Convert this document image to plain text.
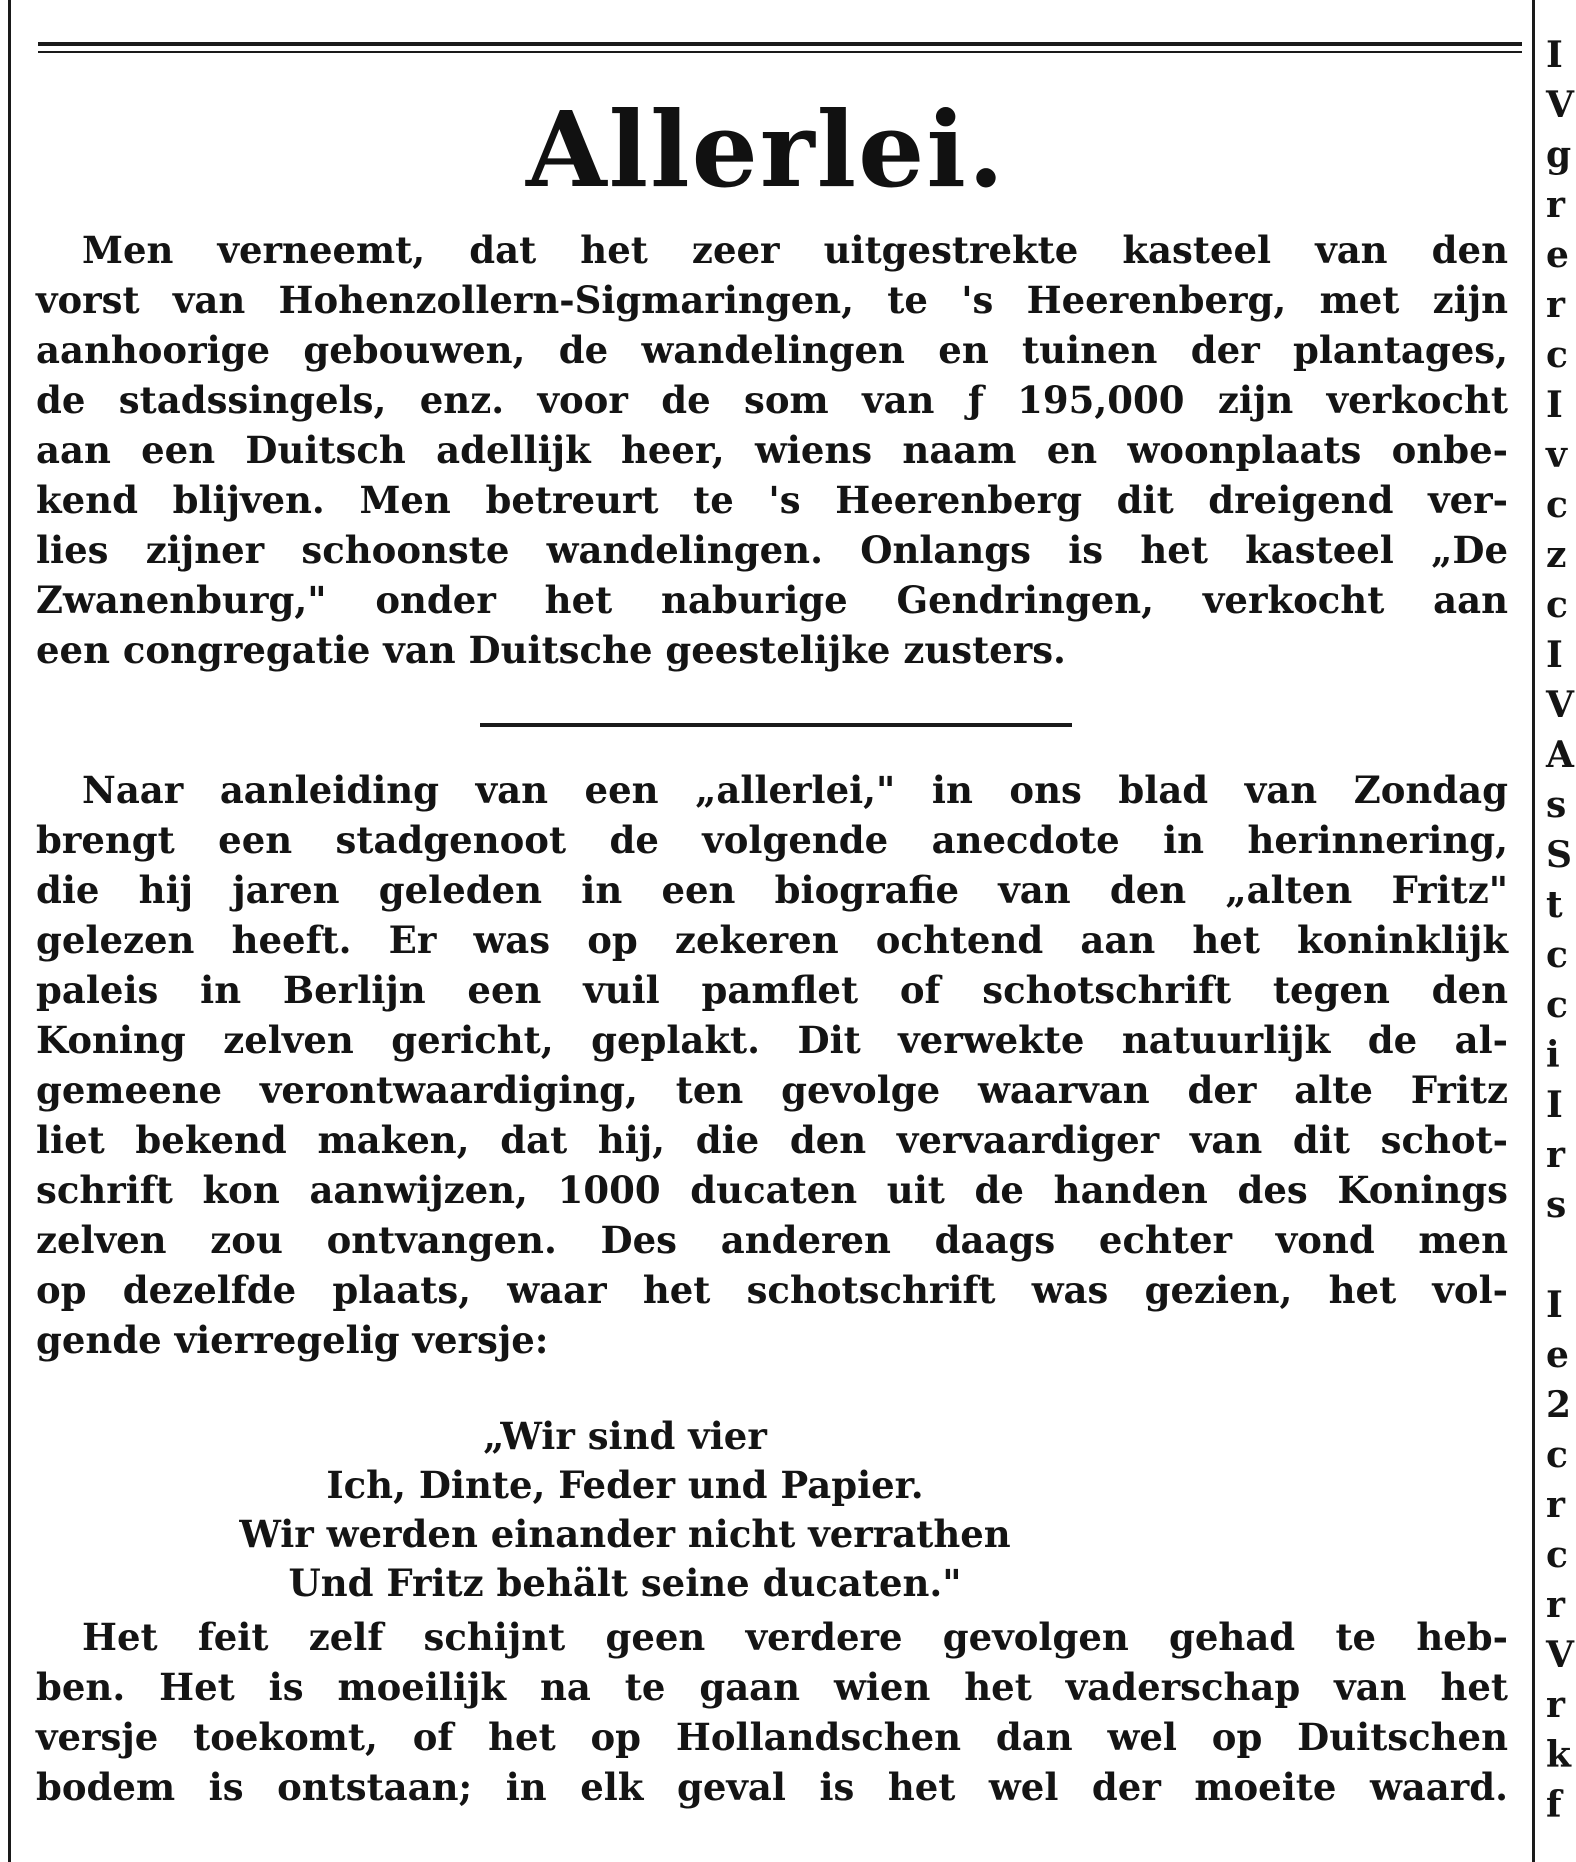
Allerlei.
Men verneemt, dat het zeer uitgestrekte kasteel van den
vorst van Hohenzollern-Sigmaringen, te 's Heerenberg, met zijn
aanhoorige gebouwen, de wandelingen en tuinen der plantages,
de stadssingels, enz. voor de som van ƒ 195,000 zijn verkocht
aan een Duitsch adellijk heer, wiens naam en woonplaats onbe-
kend blijven. Men betreurt te 's Heerenberg dit dreigend ver-
lies zijner schoonste wandelingen. Onlangs is het kasteel „De
Zwanenburg," onder het naburige Gendringen, verkocht aan
een congregatie van Duitsche geestelijke zusters.
Naar aanleiding van een „allerlei," in ons blad van Zondag
brengt een stadgenoot de volgende anecdote in herinnering,
die hij jaren geleden in een biografie van den „alten Fritz"
gelezen heeft. Er was op zekeren ochtend aan het koninklijk
paleis in Berlijn een vuil pamflet of schotschrift tegen den
Koning zelven gericht, geplakt. Dit verwekte natuurlijk de al-
gemeene verontwaardiging, ten gevolge waarvan der alte Fritz
liet bekend maken, dat hij, die den vervaardiger van dit schot-
schrift kon aanwijzen, 1000 ducaten uit de handen des Konings
zelven zou ontvangen. Des anderen daags echter vond men
op dezelfde plaats, waar het schotschrift was gezien, het vol-
gende vierregelig versje:
„Wir sind vier
Ich, Dinte, Feder und Papier.
Wir werden einander nicht verrathen
Und Fritz behält seine ducaten."
Het feit zelf schijnt geen verdere gevolgen gehad te heb-
ben. Het is moeilijk na te gaan wien het vaderschap van het
versje toekomt, of het op Hollandschen dan wel op Duitschen
bodem is ontstaan; in elk geval is het wel der moeite waard.
I
V
g
r
e
r
c
I
v
c
z
c
I
V
A
s
S
t
c
c
i
I
r
s
I
e
2
c
r
c
r
V
r
k
f
